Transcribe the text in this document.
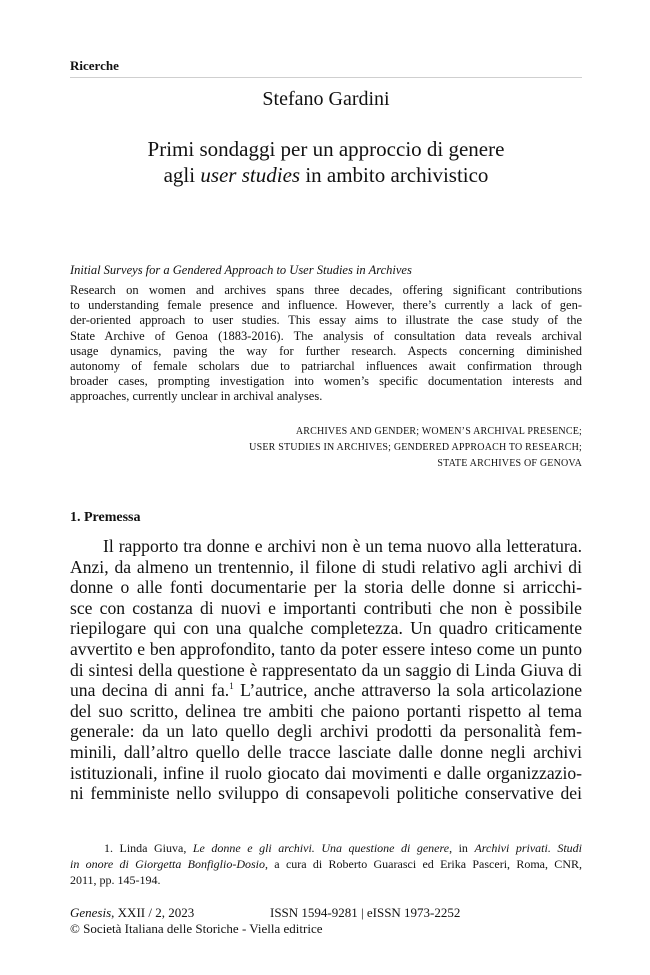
Ricerche
Stefano Gardini
Primi sondaggi per un approccio di genere
agli user studies in ambito archivistico
Initial Surveys for a Gendered Approach to User Studies in Archives
Research on women and archives spans three decades, offering significant contributions
to understanding female presence and influence. However, there’s currently a lack of gen-
der-oriented approach to user studies. This essay aims to illustrate the case study of the
State Archive of Genoa (1883-2016). The analysis of consultation data reveals archival
usage dynamics, paving the way for further research. Aspects concerning diminished
autonomy of female scholars due to patriarchal influences await confirmation through
broader cases, prompting investigation into women’s specific documentation interests and
approaches, currently unclear in archival analyses.
ARCHIVES AND GENDER; WOMEN’S ARCHIVAL PRESENCE;
USER STUDIES IN ARCHIVES; GENDERED APPROACH TO RESEARCH;
STATE ARCHIVES OF GENOVA
1. Premessa
Il rapporto tra donne e archivi non è un tema nuovo alla letteratura.
Anzi, da almeno un trentennio, il filone di studi relativo agli archivi di
donne o alle fonti documentarie per la storia delle donne si arricchi-
sce con costanza di nuovi e importanti contributi che non è possibile
riepilogare qui con una qualche completezza. Un quadro criticamente
avvertito e ben approfondito, tanto da poter essere inteso come un punto
di sintesi della questione è rappresentato da un saggio di Linda Giuva di
una decina di anni fa.$^1$ L’autrice, anche attraverso la sola articolazione
del suo scritto, delinea tre ambiti che paiono portanti rispetto al tema
generale: da un lato quello degli archivi prodotti da personalità fem-
minili, dall’altro quello delle tracce lasciate dalle donne negli archivi
istituzionali, infine il ruolo giocato dai movimenti e dalle organizzazio-
ni femministe nello sviluppo di consapevoli politiche conservative dei
1. Linda Giuva, Le donne e gli archivi. Una questione di genere, in Archivi privati. Studi
in onore di Giorgetta Bonfiglio-Dosio, a cura di Roberto Guarasci ed Erika Pasceri, Roma, CNR,
2011, pp. 145-194.
Genesis, XXII / 2, 2023	ISSN 1594-9281 | eISSN 1973-2252
© Società Italiana delle Storiche - Viella editrice
